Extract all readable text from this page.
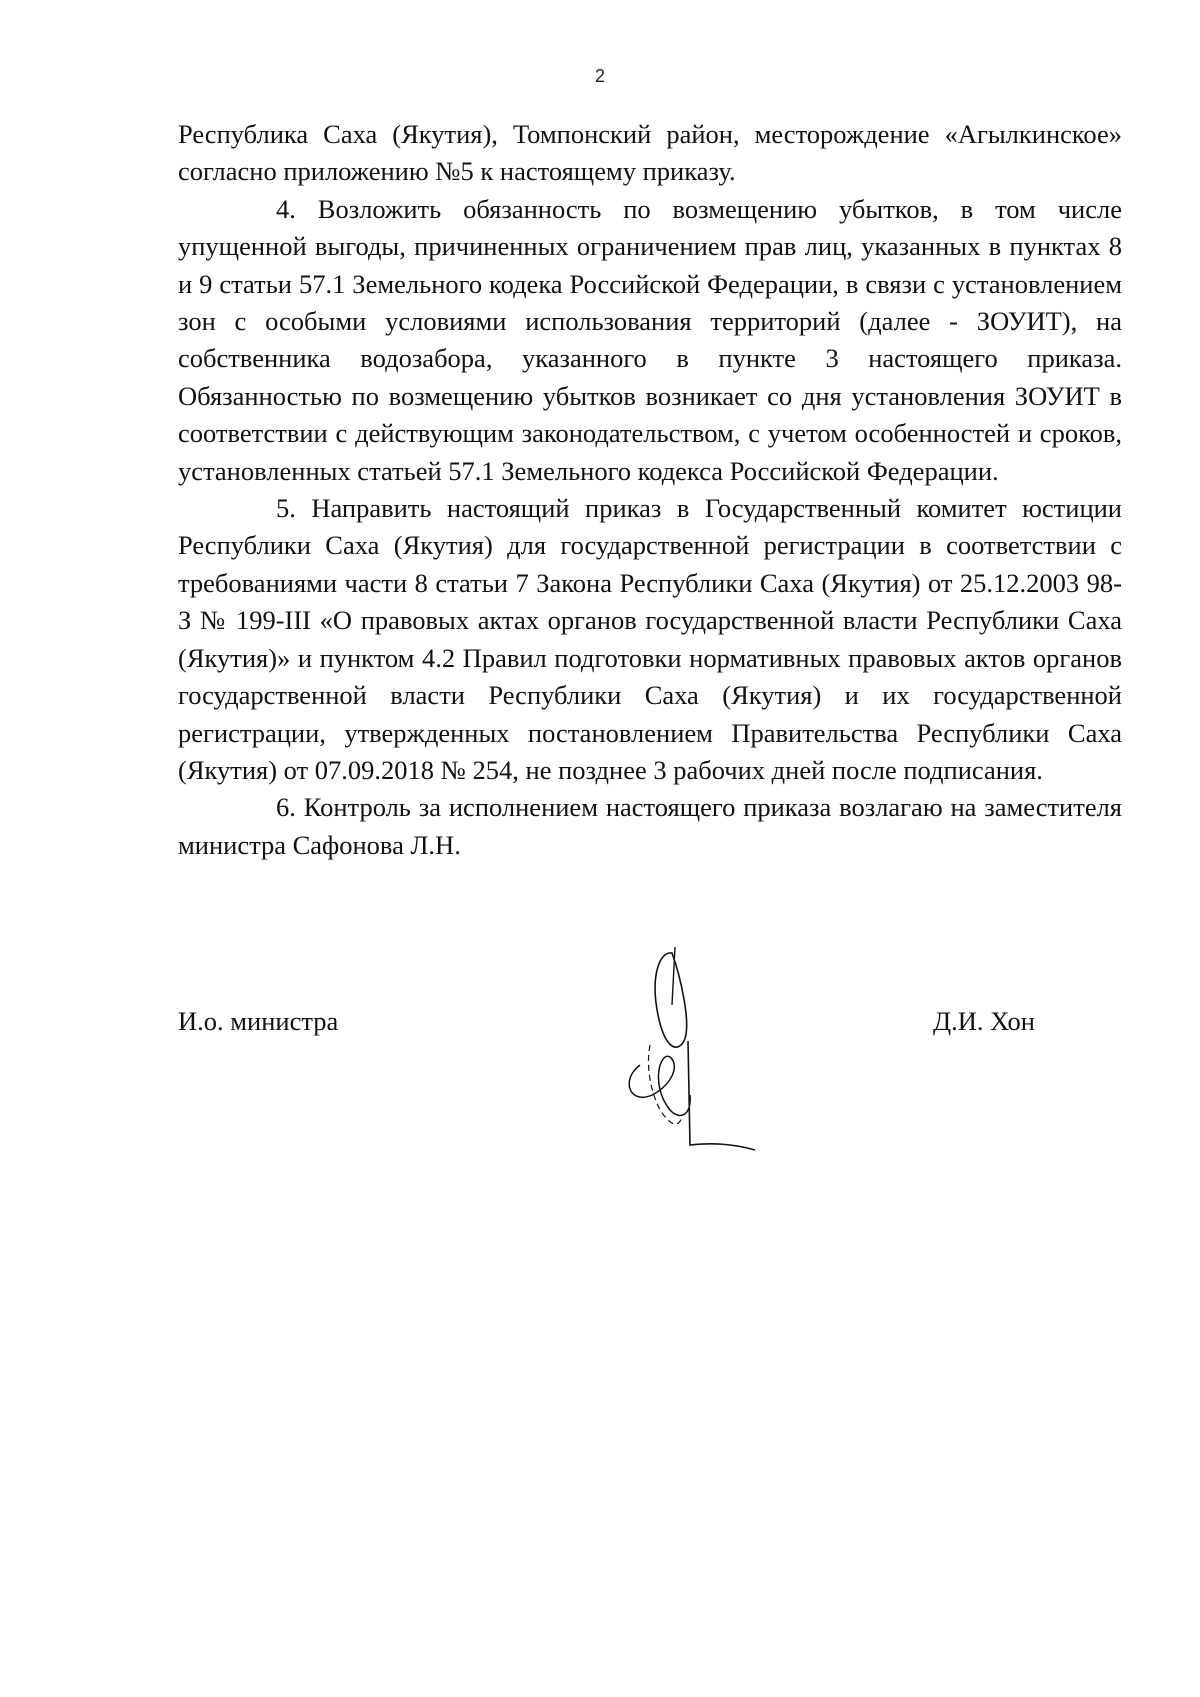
2

Республика Саха (Якутия), Томпонский район, месторождение «Агылкинское» согласно приложению №5 к настоящему приказу.

4. Возложить обязанность по возмещению убытков, в том числе упущенной выгоды, причиненных ограничением прав лиц, указанных в пунктах 8 и 9 статьи 57.1 Земельного кодека Российской Федерации, в связи с установлением зон с особыми условиями использования территорий (далее - ЗОУИТ), на собственника водозабора, указанного в пункте 3 настоящего приказа. Обязанностью по возмещению убытков возникает со дня установления ЗОУИТ в соответствии с действующим законодательством, с учетом особенностей и сроков, установленных статьей 57.1 Земельного кодекса Российской Федерации.

5. Направить настоящий приказ в Государственный комитет юстиции Республики Саха (Якутия) для государственной регистрации в соответствии с требованиями части 8 статьи 7 Закона Республики Саха (Якутия) от 25.12.2003 98-З № 199-III «О правовых актах органов государственной власти Республики Саха (Якутия)» и пунктом 4.2 Правил подготовки нормативных правовых актов органов государственной власти Республики Саха (Якутия) и их государственной регистрации, утвержденных постановлением Правительства Республики Саха (Якутия) от 07.09.2018 № 254, не позднее 3 рабочих дней после подписания.

6. Контроль за исполнением настоящего приказа возлагаю на заместителя министра Сафонова Л.Н.

И.о. министра	Д.И. Хон
